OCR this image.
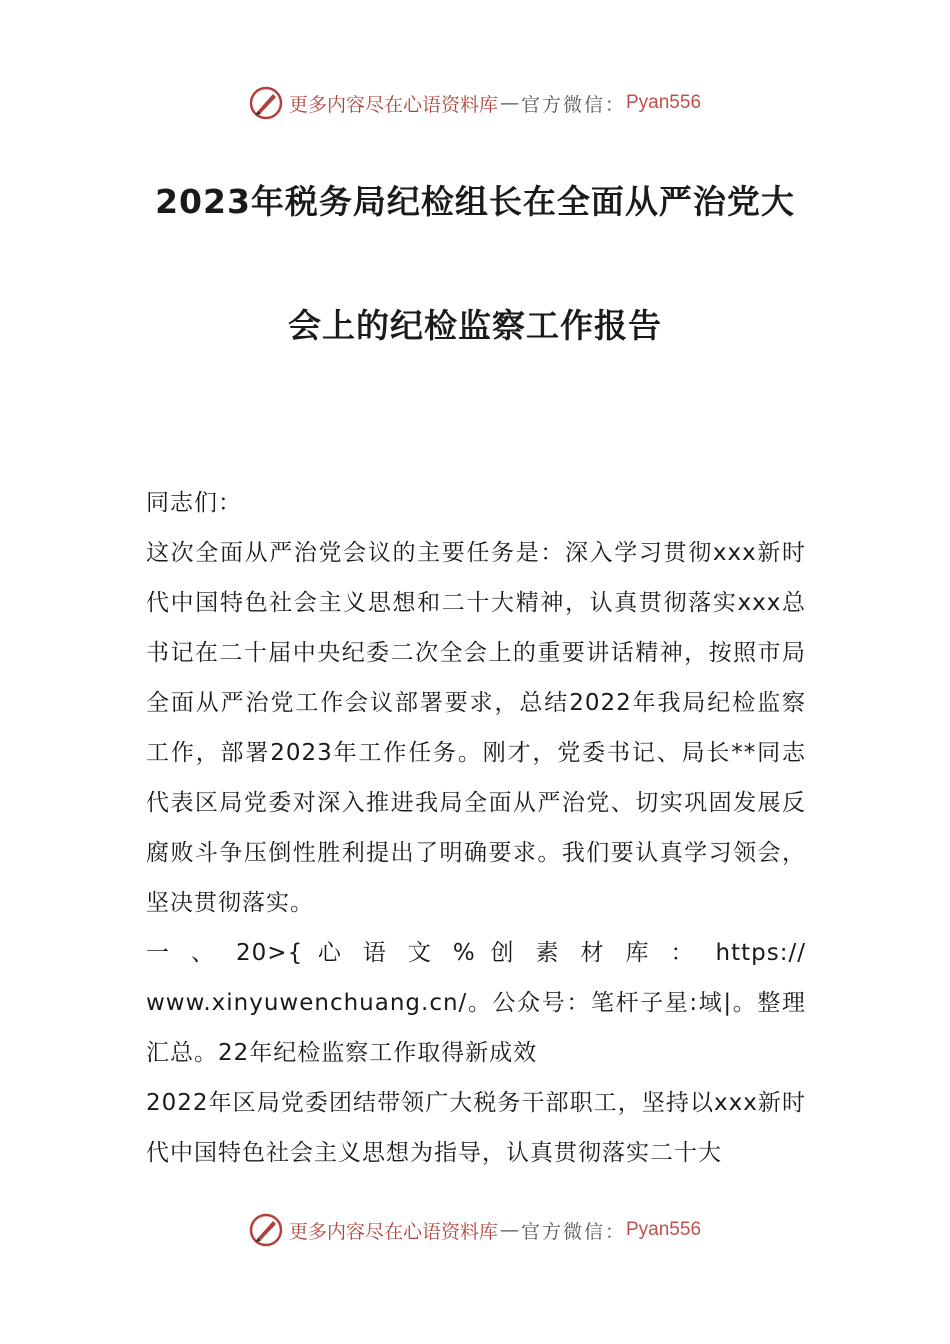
更多内容尽在心语资料库 — 官方微信： Pyan556
2023年税务局纪检组长在全面从严治党大
会上的纪检监察工作报告

同志们：

这次全面从严治党会议的主要任务是：深入学习贯彻xxx新时代中国特色社会主义思想和二十大精神，认真贯彻落实xxx总书记在二十届中央纪委二次全会上的重要讲话精神，按照市局全面从严治党工作会议部署要求，总结2022年我局纪检监察工作，部署2023年工作任务。刚才，党委书记、局长**同志代表区局党委对深入推进我局全面从严治党、切实巩固发展反腐败斗争压倒性胜利提出了明确要求。我们要认真学习领会，坚决贯彻落实。

一 、 20>{ 心 语 文 % 创 素 材 库 ： https://

www.xinyuwenchuang.cn/。公众号：笔杆子星:域|。整理汇总。22年纪检监察工作取得新成效

2022年区局党委团结带领广大税务干部职工，坚持以xxx新时代中国特色社会主义思想为指导，认真贯彻落实二十大

更多内容尽在心语资料库 — 官方微信： Pyan556
